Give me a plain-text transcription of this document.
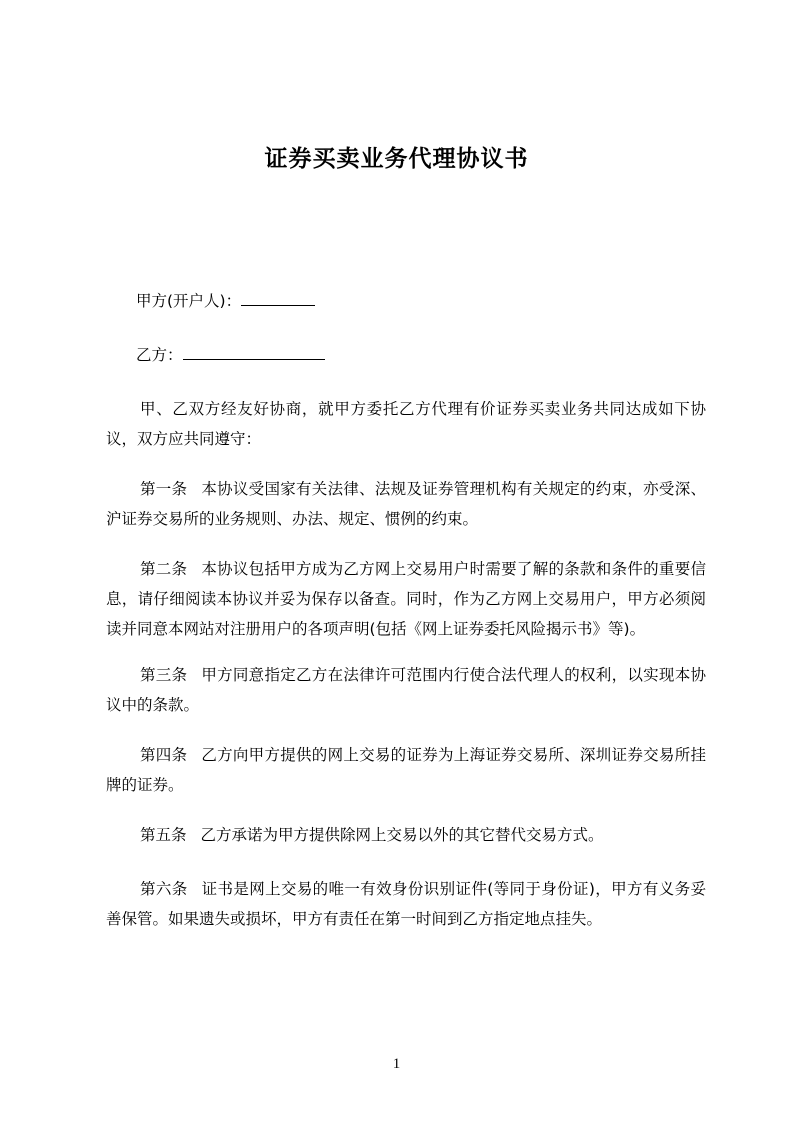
证券买卖业务代理协议书
甲方(开户人)：
乙方：

甲、乙双方经友好协商，就甲方委托乙方代理有价证券买卖业务共同达成如下协议，双方应共同遵守：

第一条 本协议受国家有关法律、法规及证券管理机构有关规定的约束，亦受深、沪证券交易所的业务规则、办法、规定、惯例的约束。

第二条 本协议包括甲方成为乙方网上交易用户时需要了解的条款和条件的重要信息，请仔细阅读本协议并妥为保存以备查。同时，作为乙方网上交易用户，甲方必须阅读并同意本网站对注册用户的各项声明(包括《网上证券委托风险揭示书》等)。

第三条 甲方同意指定乙方在法律许可范围内行使合法代理人的权利，以实现本协议中的条款。

第四条 乙方向甲方提供的网上交易的证券为上海证券交易所、深圳证券交易所挂牌的证券。

第五条 乙方承诺为甲方提供除网上交易以外的其它替代交易方式。

第六条 证书是网上交易的唯一有效身份识别证件(等同于身份证)，甲方有义务妥善保管。如果遗失或损坏，甲方有责任在第一时间到乙方指定地点挂失。

1
